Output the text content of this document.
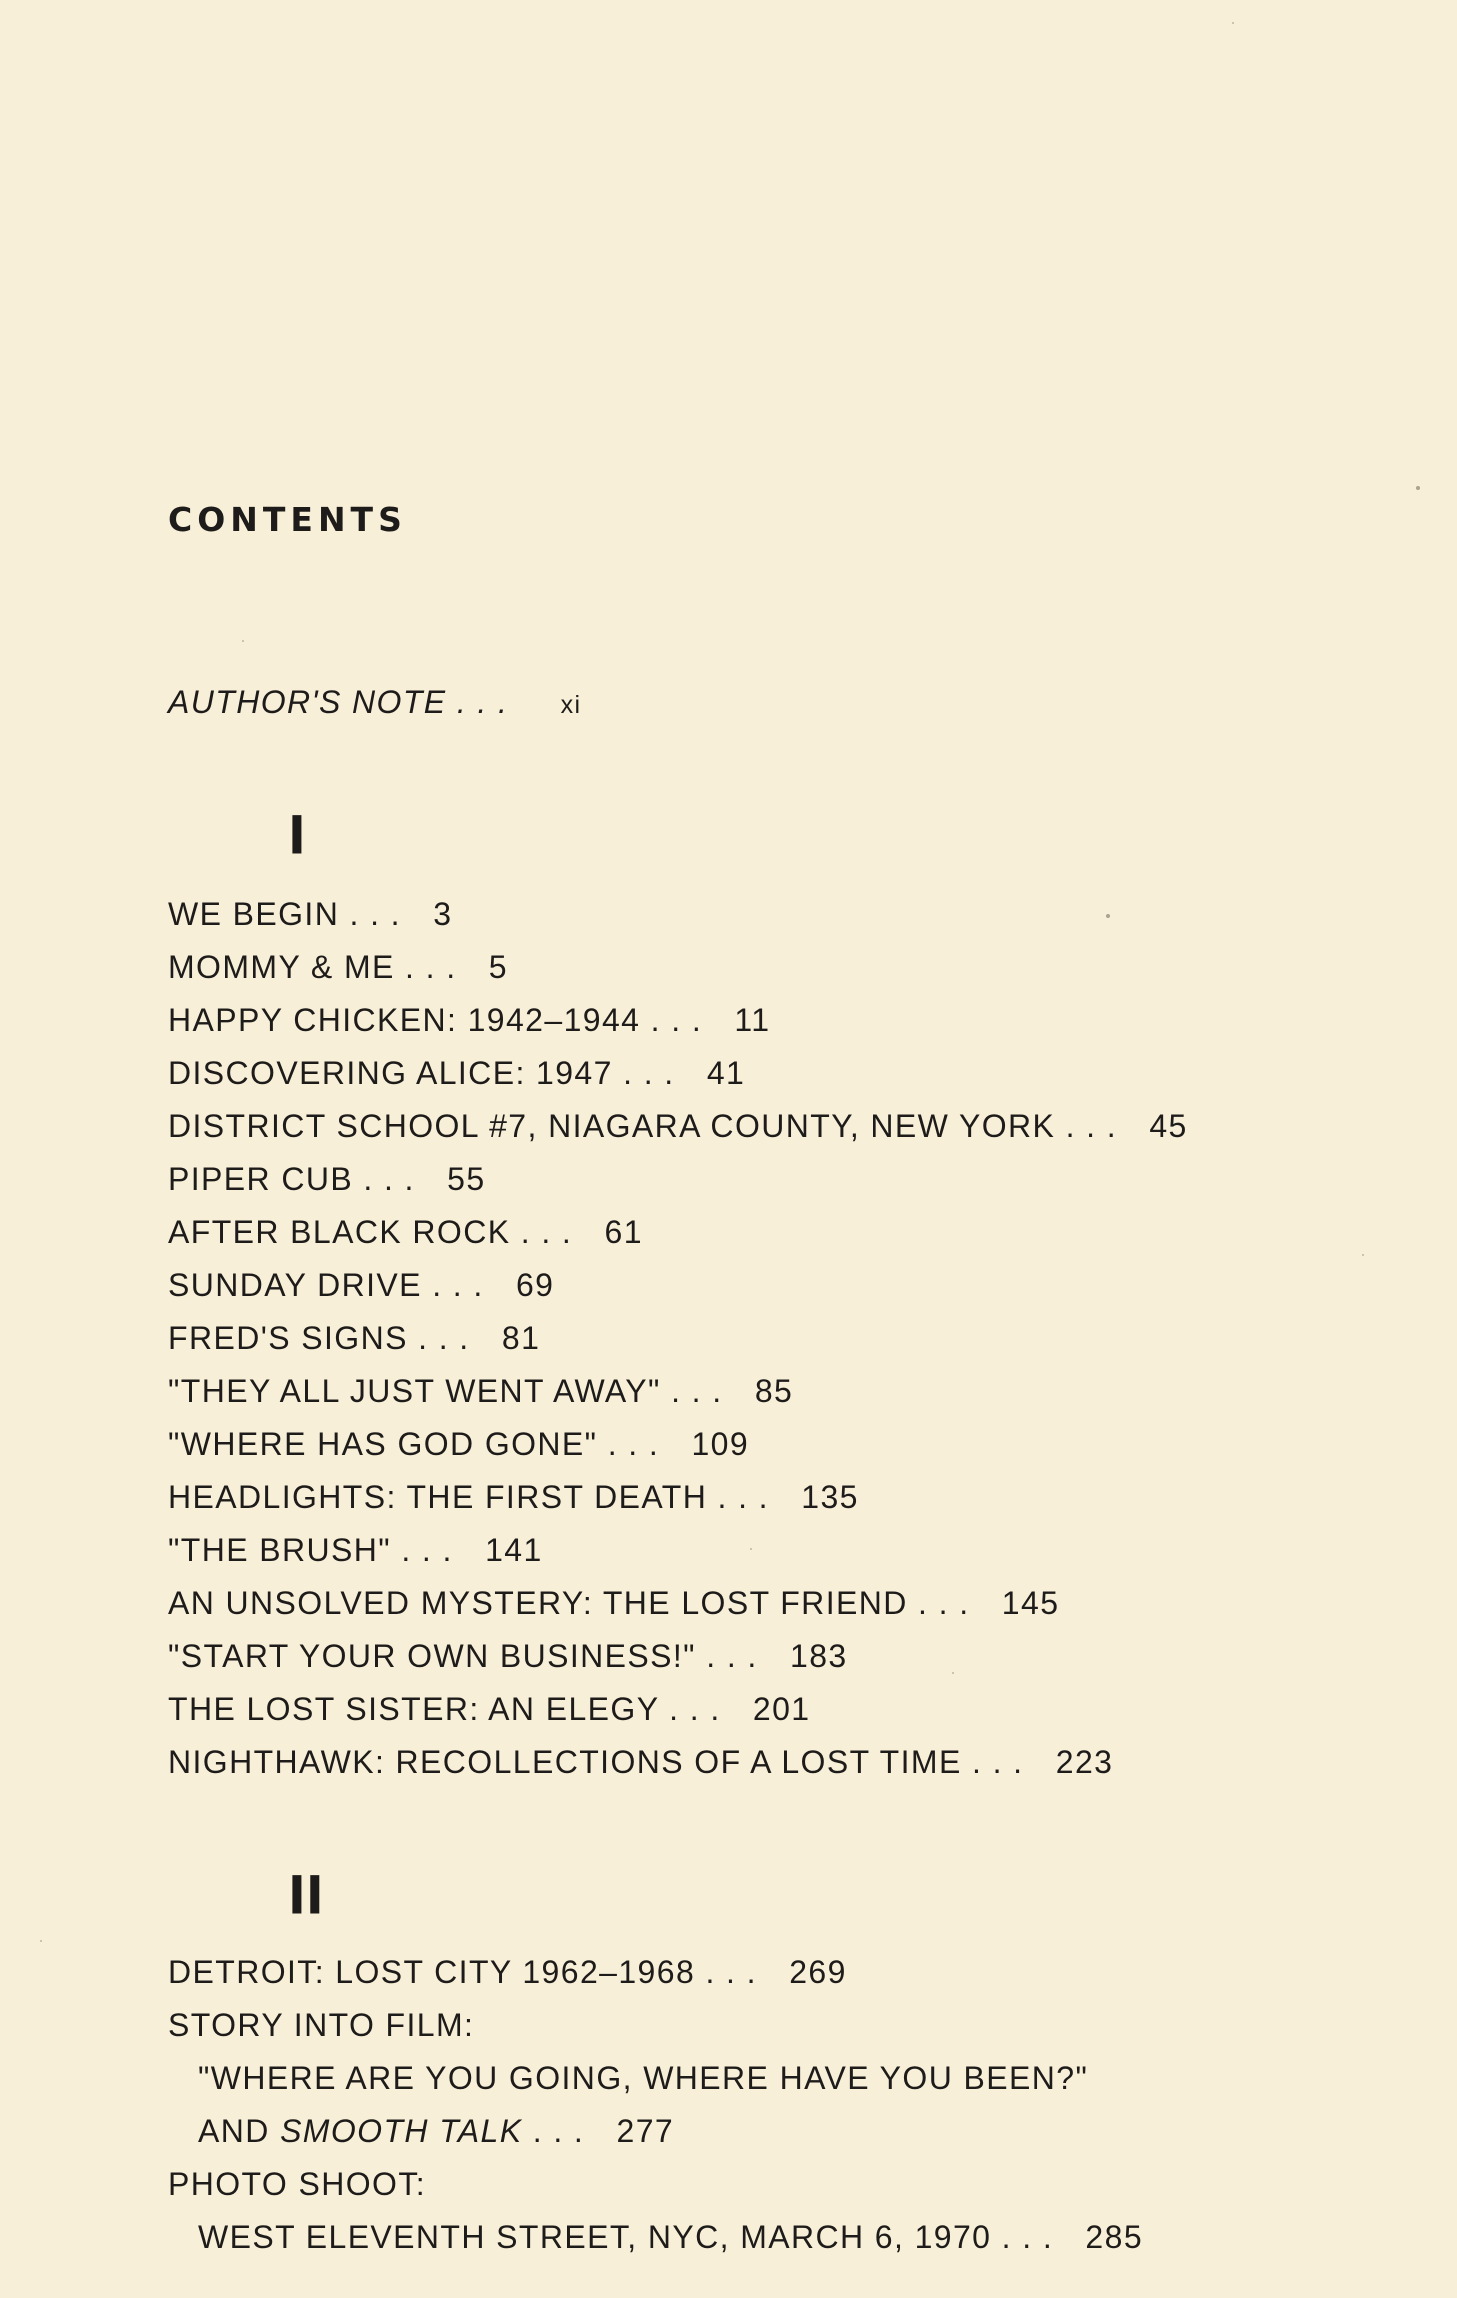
CONTENTS
AUTHOR'S NOTE . . . xi
I
WE BEGIN . . . 3
MOMMY & ME . . . 5
HAPPY CHICKEN: 1942–1944 . . . 11
DISCOVERING ALICE: 1947 . . . 41
DISTRICT SCHOOL #7, NIAGARA COUNTY, NEW YORK . . . 45
PIPER CUB . . . 55
AFTER BLACK ROCK . . . 61
SUNDAY DRIVE . . . 69
FRED'S SIGNS . . . 81
"THEY ALL JUST WENT AWAY" . . . 85
"WHERE HAS GOD GONE" . . . 109
HEADLIGHTS: THE FIRST DEATH . . . 135
"THE BRUSH" . . . 141
AN UNSOLVED MYSTERY: THE LOST FRIEND . . . 145
"START YOUR OWN BUSINESS!" . . . 183
THE LOST SISTER: AN ELEGY . . . 201
NIGHTHAWK: RECOLLECTIONS OF A LOST TIME . . . 223
II
DETROIT: LOST CITY 1962–1968 . . . 269
STORY INTO FILM:
"WHERE ARE YOU GOING, WHERE HAVE YOU BEEN?"
AND SMOOTH TALK . . . 277
PHOTO SHOOT:
WEST ELEVENTH STREET, NYC, MARCH 6, 1970 . . . 285
